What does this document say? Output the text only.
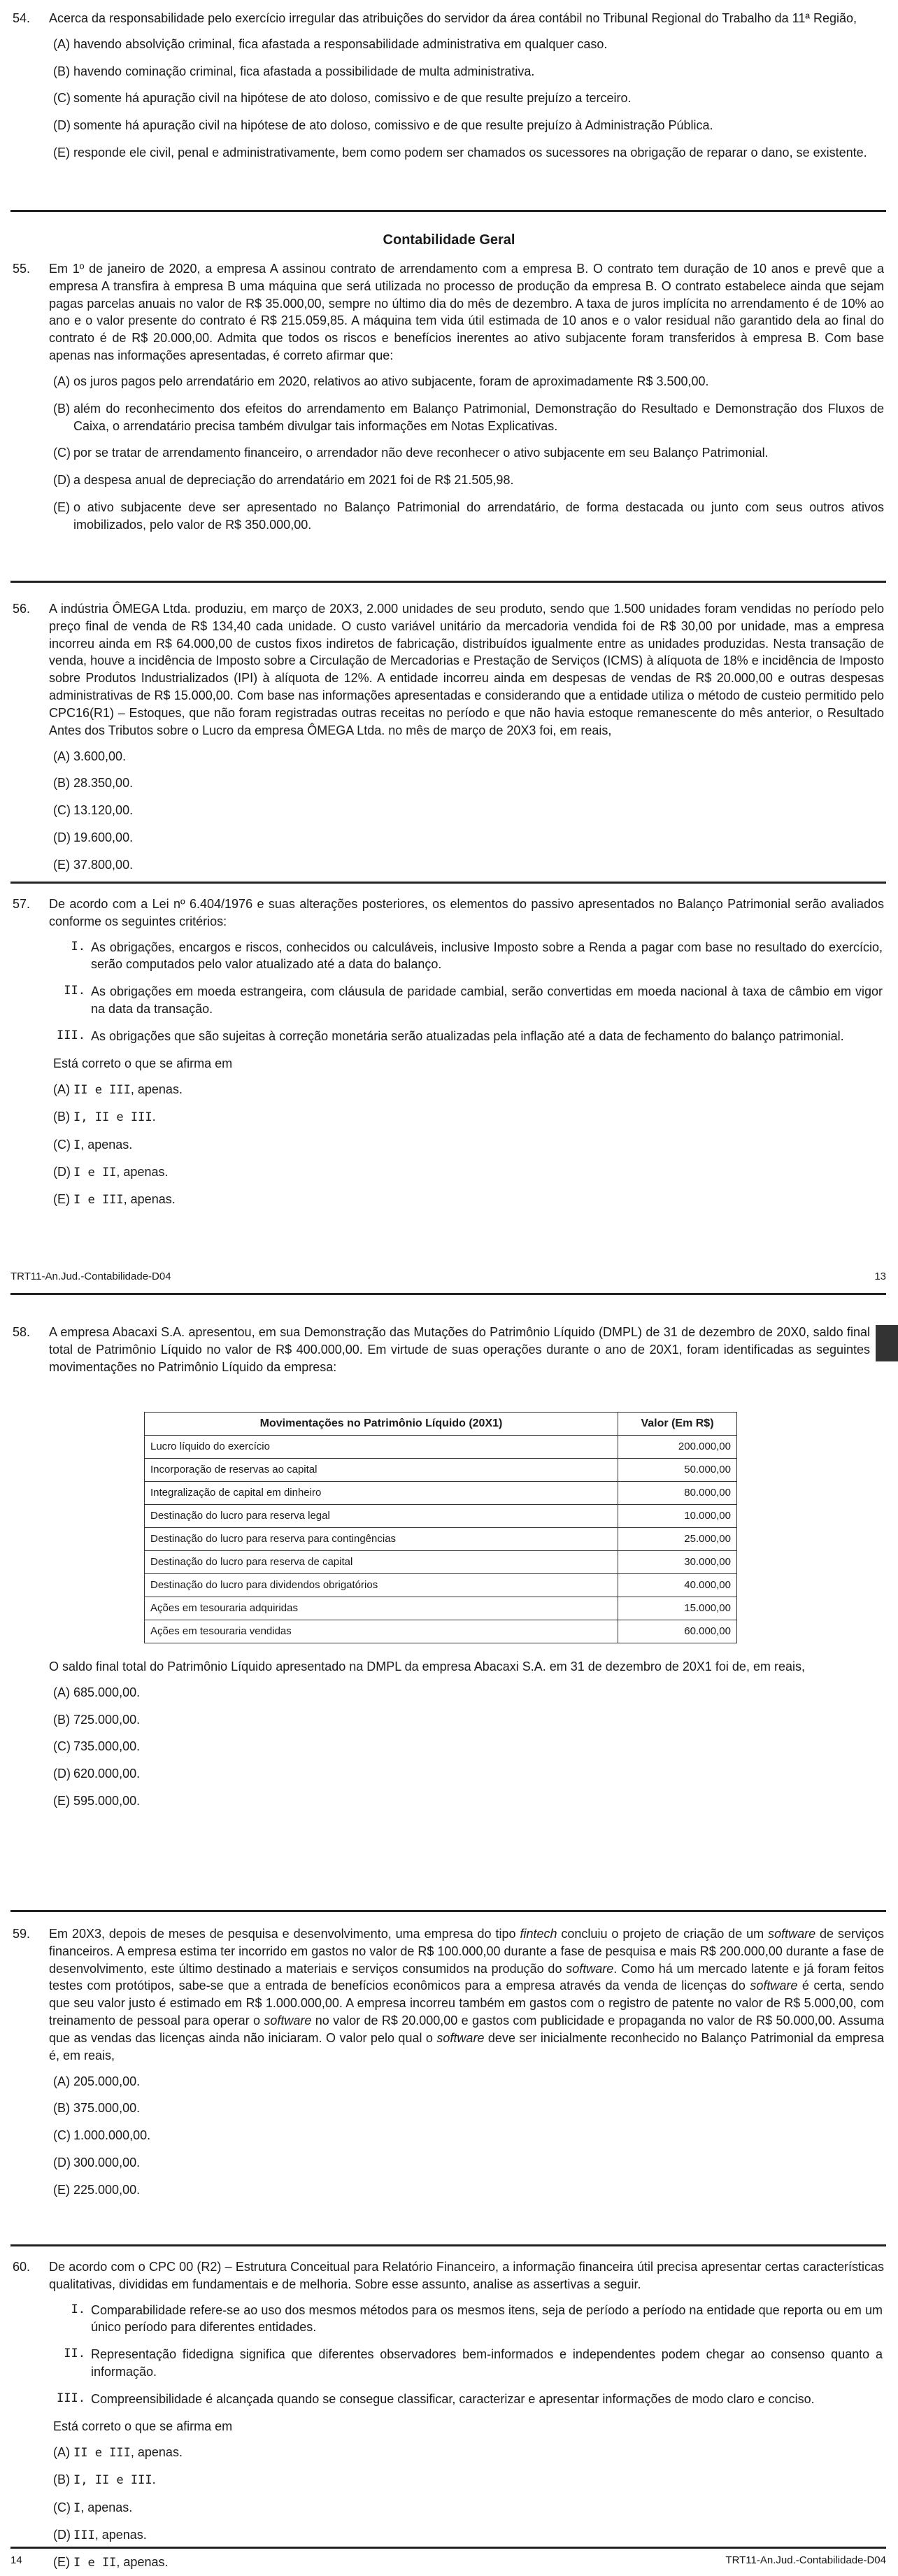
54. Acerca da responsabilidade pelo exercício irregular das atribuições do servidor da área contábil no Tribunal Regional do Trabalho da 11ª Região,
(A) havendo absolvição criminal, fica afastada a responsabilidade administrativa em qualquer caso.
(B) havendo cominação criminal, fica afastada a possibilidade de multa administrativa.
(C) somente há apuração civil na hipótese de ato doloso, comissivo e de que resulte prejuízo a terceiro.
(D) somente há apuração civil na hipótese de ato doloso, comissivo e de que resulte prejuízo à Administração Pública.
(E) responde ele civil, penal e administrativamente, bem como podem ser chamados os sucessores na obrigação de reparar o dano, se existente.
Contabilidade Geral
55. Em 1º de janeiro de 2020, a empresa A assinou contrato de arrendamento com a empresa B. O contrato tem duração de 10 anos e prevê que a empresa A transfira à empresa B uma máquina que será utilizada no processo de produção da empresa B. O contrato estabelece ainda que sejam pagas parcelas anuais no valor de R$ 35.000,00, sempre no último dia do mês de dezembro. A taxa de juros implícita no arrendamento é de 10% ao ano e o valor presente do contrato é R$ 215.059,85. A máquina tem vida útil estimada de 10 anos e o valor residual não garantido dela ao final do contrato é de R$ 20.000,00. Admita que todos os riscos e benefícios inerentes ao ativo subjacente foram transferidos à empresa B. Com base apenas nas informações apresentadas, é correto afirmar que:
(A) os juros pagos pelo arrendatário em 2020, relativos ao ativo subjacente, foram de aproximadamente R$ 3.500,00.
(B) além do reconhecimento dos efeitos do arrendamento em Balanço Patrimonial, Demonstração do Resultado e Demonstração dos Fluxos de Caixa, o arrendatário precisa também divulgar tais informações em Notas Explicativas.
(C) por se tratar de arrendamento financeiro, o arrendador não deve reconhecer o ativo subjacente em seu Balanço Patrimonial.
(D) a despesa anual de depreciação do arrendatário em 2021 foi de R$ 21.505,98.
(E) o ativo subjacente deve ser apresentado no Balanço Patrimonial do arrendatário, de forma destacada ou junto com seus outros ativos imobilizados, pelo valor de R$ 350.000,00.
56. A indústria ÔMEGA Ltda. produziu, em março de 20X3, 2.000 unidades de seu produto, sendo que 1.500 unidades foram vendidas no período pelo preço final de venda de R$ 134,40 cada unidade. O custo variável unitário da mercadoria vendida foi de R$ 30,00 por unidade, mas a empresa incorreu ainda em R$ 64.000,00 de custos fixos indiretos de fabricação, distribuídos igualmente entre as unidades produzidas. Nesta transação de venda, houve a incidência de Imposto sobre a Circulação de Mercadorias e Prestação de Serviços (ICMS) à alíquota de 18% e incidência de Imposto sobre Produtos Industrializados (IPI) à alíquota de 12%. A entidade incorreu ainda em despesas de vendas de R$ 20.000,00 e outras despesas administrativas de R$ 15.000,00. Com base nas informações apresentadas e considerando que a entidade utiliza o método de custeio permitido pelo CPC16(R1) – Estoques, que não foram registradas outras receitas no período e que não havia estoque remanescente do mês anterior, o Resultado Antes dos Tributos sobre o Lucro da empresa ÔMEGA Ltda. no mês de março de 20X3 foi, em reais,
(A) 3.600,00.
(B) 28.350,00.
(C) 13.120,00.
(D) 19.600,00.
(E) 37.800,00.
57. De acordo com a Lei nº 6.404/1976 e suas alterações posteriores, os elementos do passivo apresentados no Balanço Patrimonial serão avaliados conforme os seguintes critérios:
I. As obrigações, encargos e riscos, conhecidos ou calculáveis, inclusive Imposto sobre a Renda a pagar com base no resultado do exercício, serão computados pelo valor atualizado até a data do balanço.
II. As obrigações em moeda estrangeira, com cláusula de paridade cambial, serão convertidas em moeda nacional à taxa de câmbio em vigor na data da transação.
III. As obrigações que são sujeitas à correção monetária serão atualizadas pela inflação até a data de fechamento do balanço patrimonial.
Está correto o que se afirma em
(A) II e III, apenas.
(B) I, II e III.
(C) I, apenas.
(D) I e II, apenas.
(E) I e III, apenas.
TRT11-An.Jud.-Contabilidade-D04	13
58. A empresa Abacaxi S.A. apresentou, em sua Demonstração das Mutações do Patrimônio Líquido (DMPL) de 31 de dezembro de 20X0, saldo final total de Patrimônio Líquido no valor de R$ 400.000,00. Em virtude de suas operações durante o ano de 20X1, foram identificadas as seguintes movimentações no Patrimônio Líquido da empresa:
Movimentações no Patrimônio Líquido (20X1)	Valor (Em R$)
Lucro líquido do exercício	200.000,00
Incorporação de reservas ao capital	50.000,00
Integralização de capital em dinheiro	80.000,00
Destinação do lucro para reserva legal	10.000,00
Destinação do lucro para reserva para contingências	25.000,00
Destinação do lucro para reserva de capital	30.000,00
Destinação do lucro para dividendos obrigatórios	40.000,00
Ações em tesouraria adquiridas	15.000,00
Ações em tesouraria vendidas	60.000,00
O saldo final total do Patrimônio Líquido apresentado na DMPL da empresa Abacaxi S.A. em 31 de dezembro de 20X1 foi de, em reais,
(A) 685.000,00.
(B) 725.000,00.
(C) 735.000,00.
(D) 620.000,00.
(E) 595.000,00.
59. Em 20X3, depois de meses de pesquisa e desenvolvimento, uma empresa do tipo fintech concluiu o projeto de criação de um software de serviços financeiros. A empresa estima ter incorrido em gastos no valor de R$ 100.000,00 durante a fase de pesquisa e mais R$ 200.000,00 durante a fase de desenvolvimento, este último destinado a materiais e serviços consumidos na produção do software. Como há um mercado latente e já foram feitos testes com protótipos, sabe-se que a entrada de benefícios econômicos para a empresa através da venda de licenças do software é certa, sendo que seu valor justo é estimado em R$ 1.000.000,00. A empresa incorreu também em gastos com o registro de patente no valor de R$ 5.000,00, com treinamento de pessoal para operar o software no valor de R$ 20.000,00 e gastos com publicidade e propaganda no valor de R$ 50.000,00. Assuma que as vendas das licenças ainda não iniciaram. O valor pelo qual o software deve ser inicialmente reconhecido no Balanço Patrimonial da empresa é, em reais,
(A) 205.000,00.
(B) 375.000,00.
(C) 1.000.000,00.
(D) 300.000,00.
(E) 225.000,00.
60. De acordo com o CPC 00 (R2) – Estrutura Conceitual para Relatório Financeiro, a informação financeira útil precisa apresentar certas características qualitativas, divididas em fundamentais e de melhoria. Sobre esse assunto, analise as assertivas a seguir.
I. Comparabilidade refere-se ao uso dos mesmos métodos para os mesmos itens, seja de período a período na entidade que reporta ou em um único período para diferentes entidades.
II. Representação fidedigna significa que diferentes observadores bem-informados e independentes podem chegar ao consenso quanto a informação.
III. Compreensibilidade é alcançada quando se consegue classificar, caracterizar e apresentar informações de modo claro e conciso.
Está correto o que se afirma em
(A) II e III, apenas.
(B) I, II e III.
(C) I, apenas.
(D) III, apenas.
(E) I e II, apenas.
14	TRT11-An.Jud.-Contabilidade-D04
